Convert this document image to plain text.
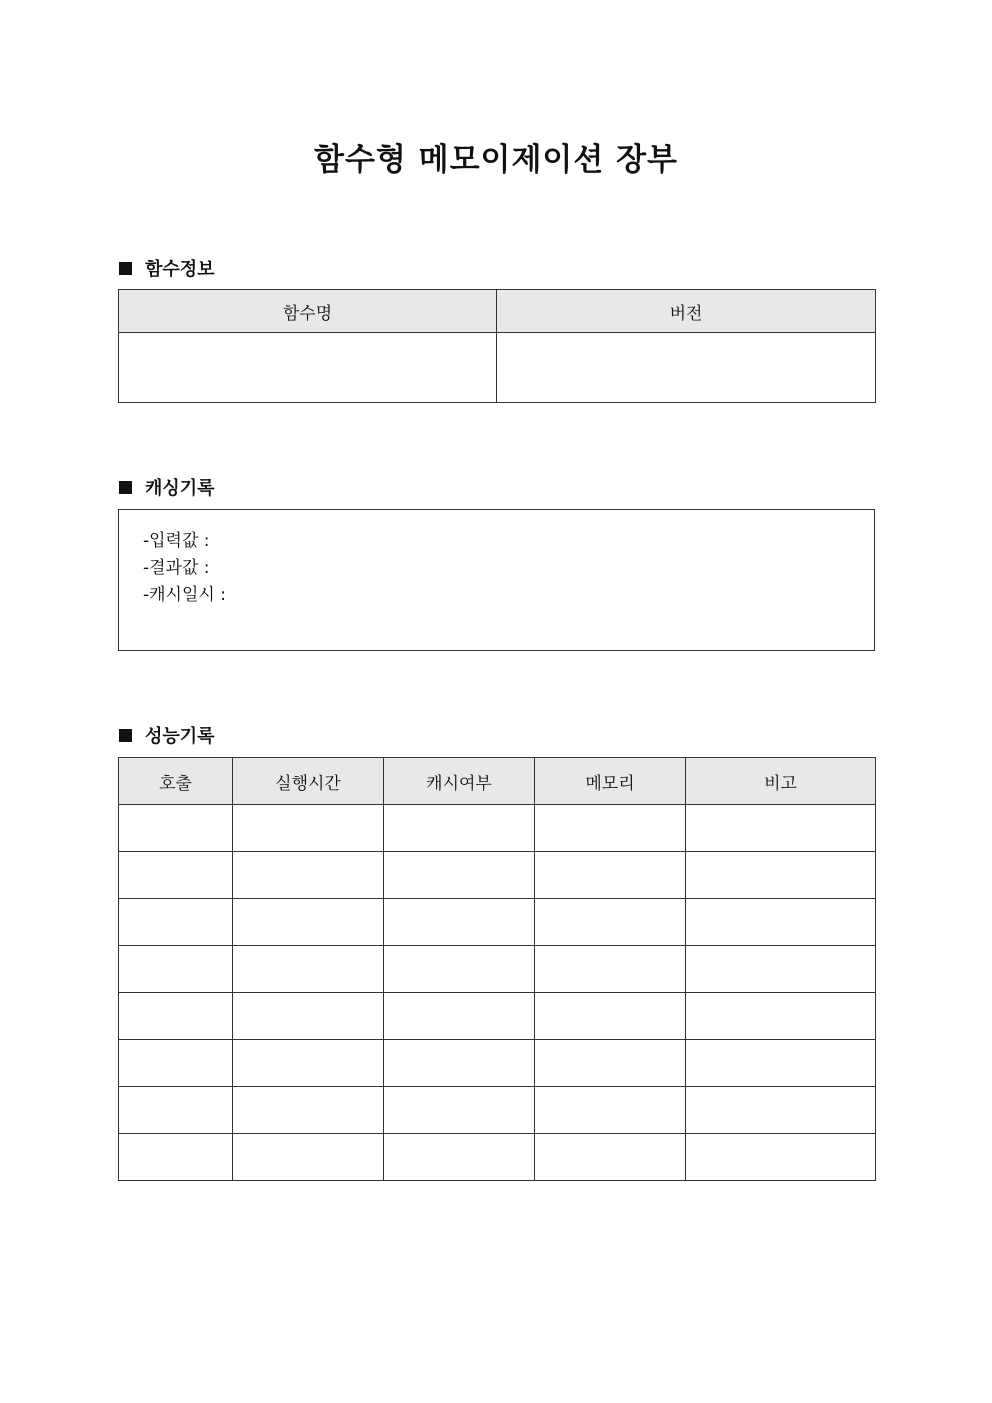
함수형 메모이제이션 장부
함수정보
함수명	버전

캐싱기록
-입력값 :
-결과값 :
-캐시일시 :
성능기록
호출	실행시간	캐시여부	메모리	비고
